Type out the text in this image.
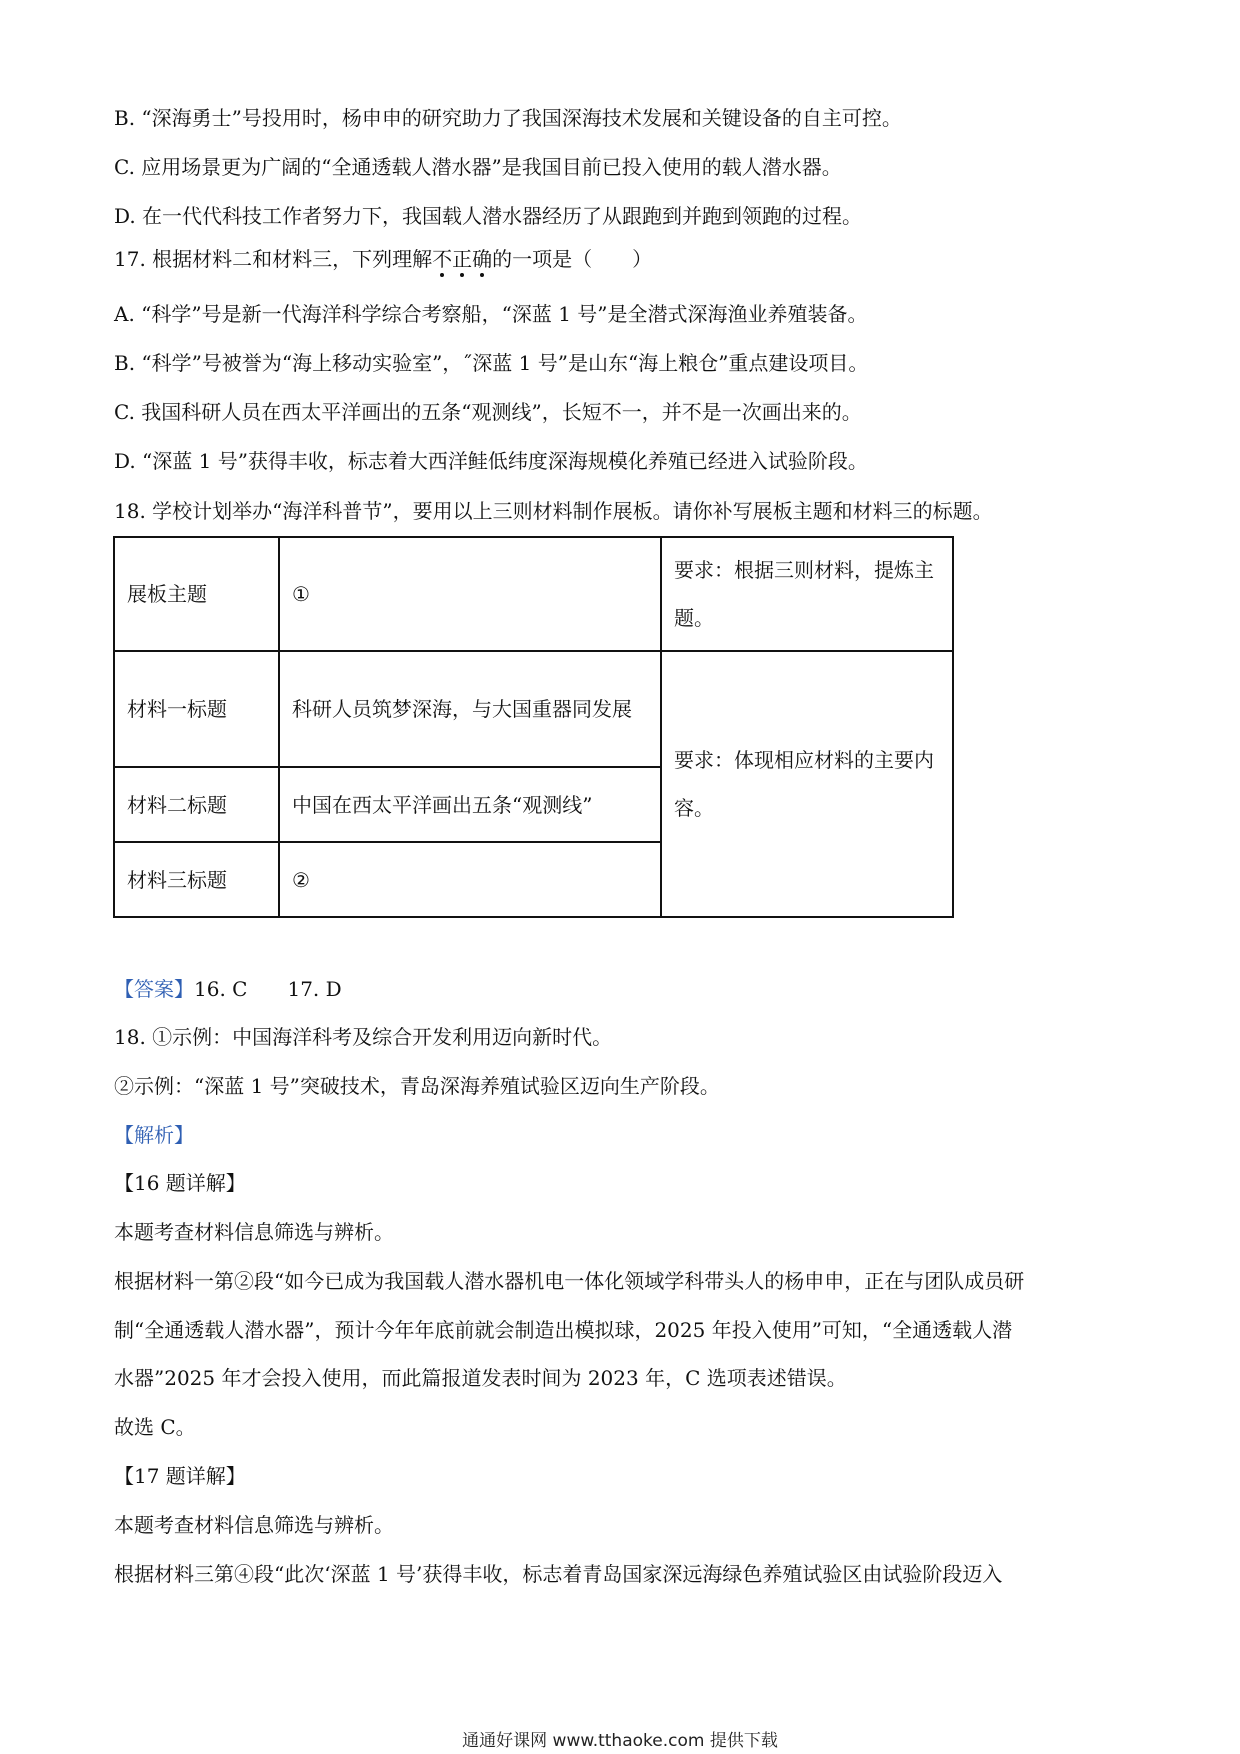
B. “深海勇士”号投用时，杨申申的研究助力了我国深海技术发展和关键设备的自主可控。
C. 应用场景更为广阔的“全通透载人潜水器”是我国目前已投入使用的载人潜水器。
D. 在一代代科技工作者努力下，我国载人潜水器经历了从跟跑到并跑到领跑的过程。
17. 根据材料二和材料三，下列理解不正确的一项是（　　）
A. “科学”号是新一代海洋科学综合考察船，“深蓝 1 号”是全潜式深海渔业养殖装备。
B. “科学”号被誉为“海上移动实验室”，˝深蓝 1 号”是山东“海上粮仓”重点建设项目。
C. 我国科研人员在西太平洋画出的五条“观测线”，长短不一，并不是一次画出来的。
D. “深蓝 1 号”获得丰收，标志着大西洋鲑低纬度深海规模化养殖已经进入试验阶段。
18. 学校计划举办“海洋科普节”，要用以上三则材料制作展板。请你补写展板主题和材料三的标题。
展板主题	①	要求：根据三则材料，提炼主题。
材料一标题	科研人员筑梦深海，与大国重器同发展	要求：体现相应材料的主要内容。
材料二标题	中国在西太平洋画出五条“观测线”	
材料三标题	②	
【答案】16. C　　17. D
18. ①示例：中国海洋科考及综合开发利用迈向新时代。
②示例：“深蓝 1 号”突破技术，青岛深海养殖试验区迈向生产阶段。
【解析】
【16 题详解】
本题考查材料信息筛选与辨析。
根据材料一第②段“如今已成为我国载人潜水器机电一体化领域学科带头人的杨申申，正在与团队成员研
制“全通透载人潜水器”，预计今年年底前就会制造出模拟球，2025 年投入使用”可知，“全通透载人潜
水器”2025 年才会投入使用，而此篇报道发表时间为 2023 年，C 选项表述错误。
故选 C。
【17 题详解】
本题考查材料信息筛选与辨析。
根据材料三第④段“此次‘深蓝 1 号’获得丰收，标志着青岛国家深远海绿色养殖试验区由试验阶段迈入
通通好课网 www.tthaoke.com 提供下载
